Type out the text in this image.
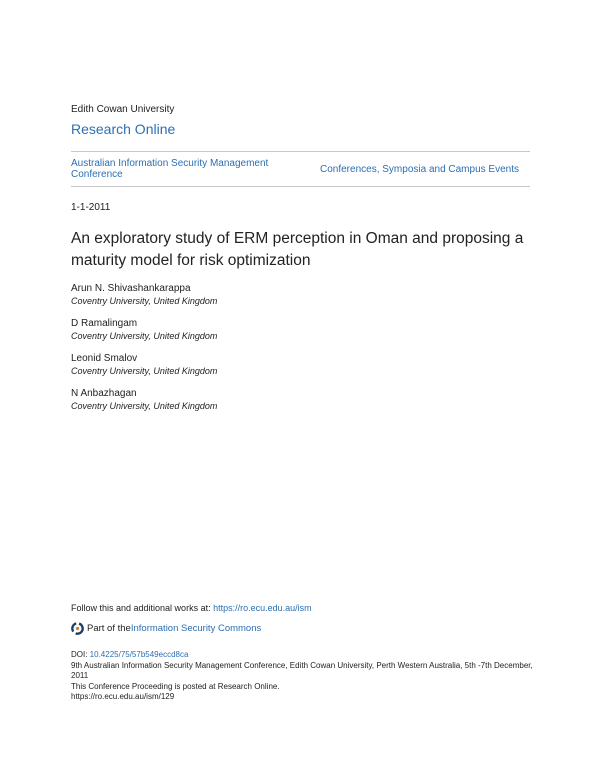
Edith Cowan University
Research Online
Australian Information Security Management Conference	Conferences, Symposia and Campus Events
1-1-2011
An exploratory study of ERM perception in Oman and proposing a maturity model for risk optimization
Arun N. Shivashankarappa
Coventry University, United Kingdom
D Ramalingam
Coventry University, United Kingdom
Leonid Smalov
Coventry University, United Kingdom
N Anbazhagan
Coventry University, United Kingdom
Follow this and additional works at: https://ro.ecu.edu.au/ism
Part of the Information Security Commons
DOI: 10.4225/75/57b549eccd8ca
9th Australian Information Security Management Conference, Edith Cowan University, Perth Western Australia, 5th -7th December, 2011
This Conference Proceeding is posted at Research Online.
https://ro.ecu.edu.au/ism/129
